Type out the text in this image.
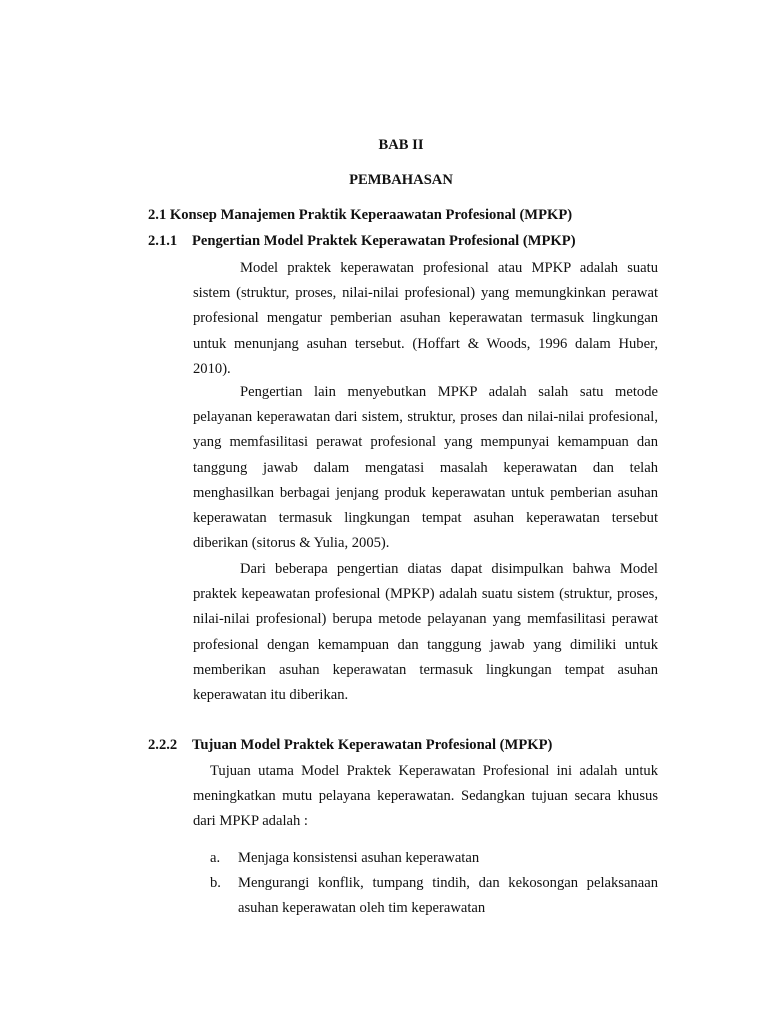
BAB II

PEMBAHASAN

2.1 Konsep Manajemen Praktik Keperaawatan Profesional (MPKP)

2.1.1 Pengertian Model Praktek Keperawatan Profesional (MPKP)

Model praktek keperawatan profesional atau MPKP adalah suatu sistem (struktur, proses, nilai-nilai profesional) yang memungkinkan perawat profesional mengatur pemberian asuhan keperawatan termasuk lingkungan untuk menunjang asuhan tersebut. (Hoffart & Woods, 1996 dalam Huber, 2010).

Pengertian lain menyebutkan MPKP adalah salah satu metode pelayanan keperawatan dari sistem, struktur, proses dan nilai-nilai profesional, yang memfasilitasi perawat profesional yang mempunyai kemampuan dan tanggung jawab dalam mengatasi masalah keperawatan dan telah menghasilkan berbagai jenjang produk keperawatan untuk pemberian asuhan keperawatan termasuk lingkungan tempat asuhan keperawatan tersebut diberikan (sitorus & Yulia, 2005).

Dari beberapa pengertian diatas dapat disimpulkan bahwa Model praktek kepeawatan profesional (MPKP) adalah suatu sistem (struktur, proses, nilai-nilai profesional) berupa metode pelayanan yang memfasilitasi perawat profesional dengan kemampuan dan tanggung jawab yang dimiliki untuk memberikan asuhan keperawatan termasuk lingkungan tempat asuhan keperawatan itu diberikan.

2.2.2 Tujuan Model Praktek Keperawatan Profesional (MPKP)

Tujuan utama Model Praktek Keperawatan Profesional ini adalah untuk meningkatkan mutu pelayana keperawatan. Sedangkan tujuan secara khusus dari MPKP adalah :

a. Menjaga konsistensi asuhan keperawatan
b. Mengurangi konflik, tumpang tindih, dan kekosongan pelaksanaan asuhan keperawatan oleh tim keperawatan
